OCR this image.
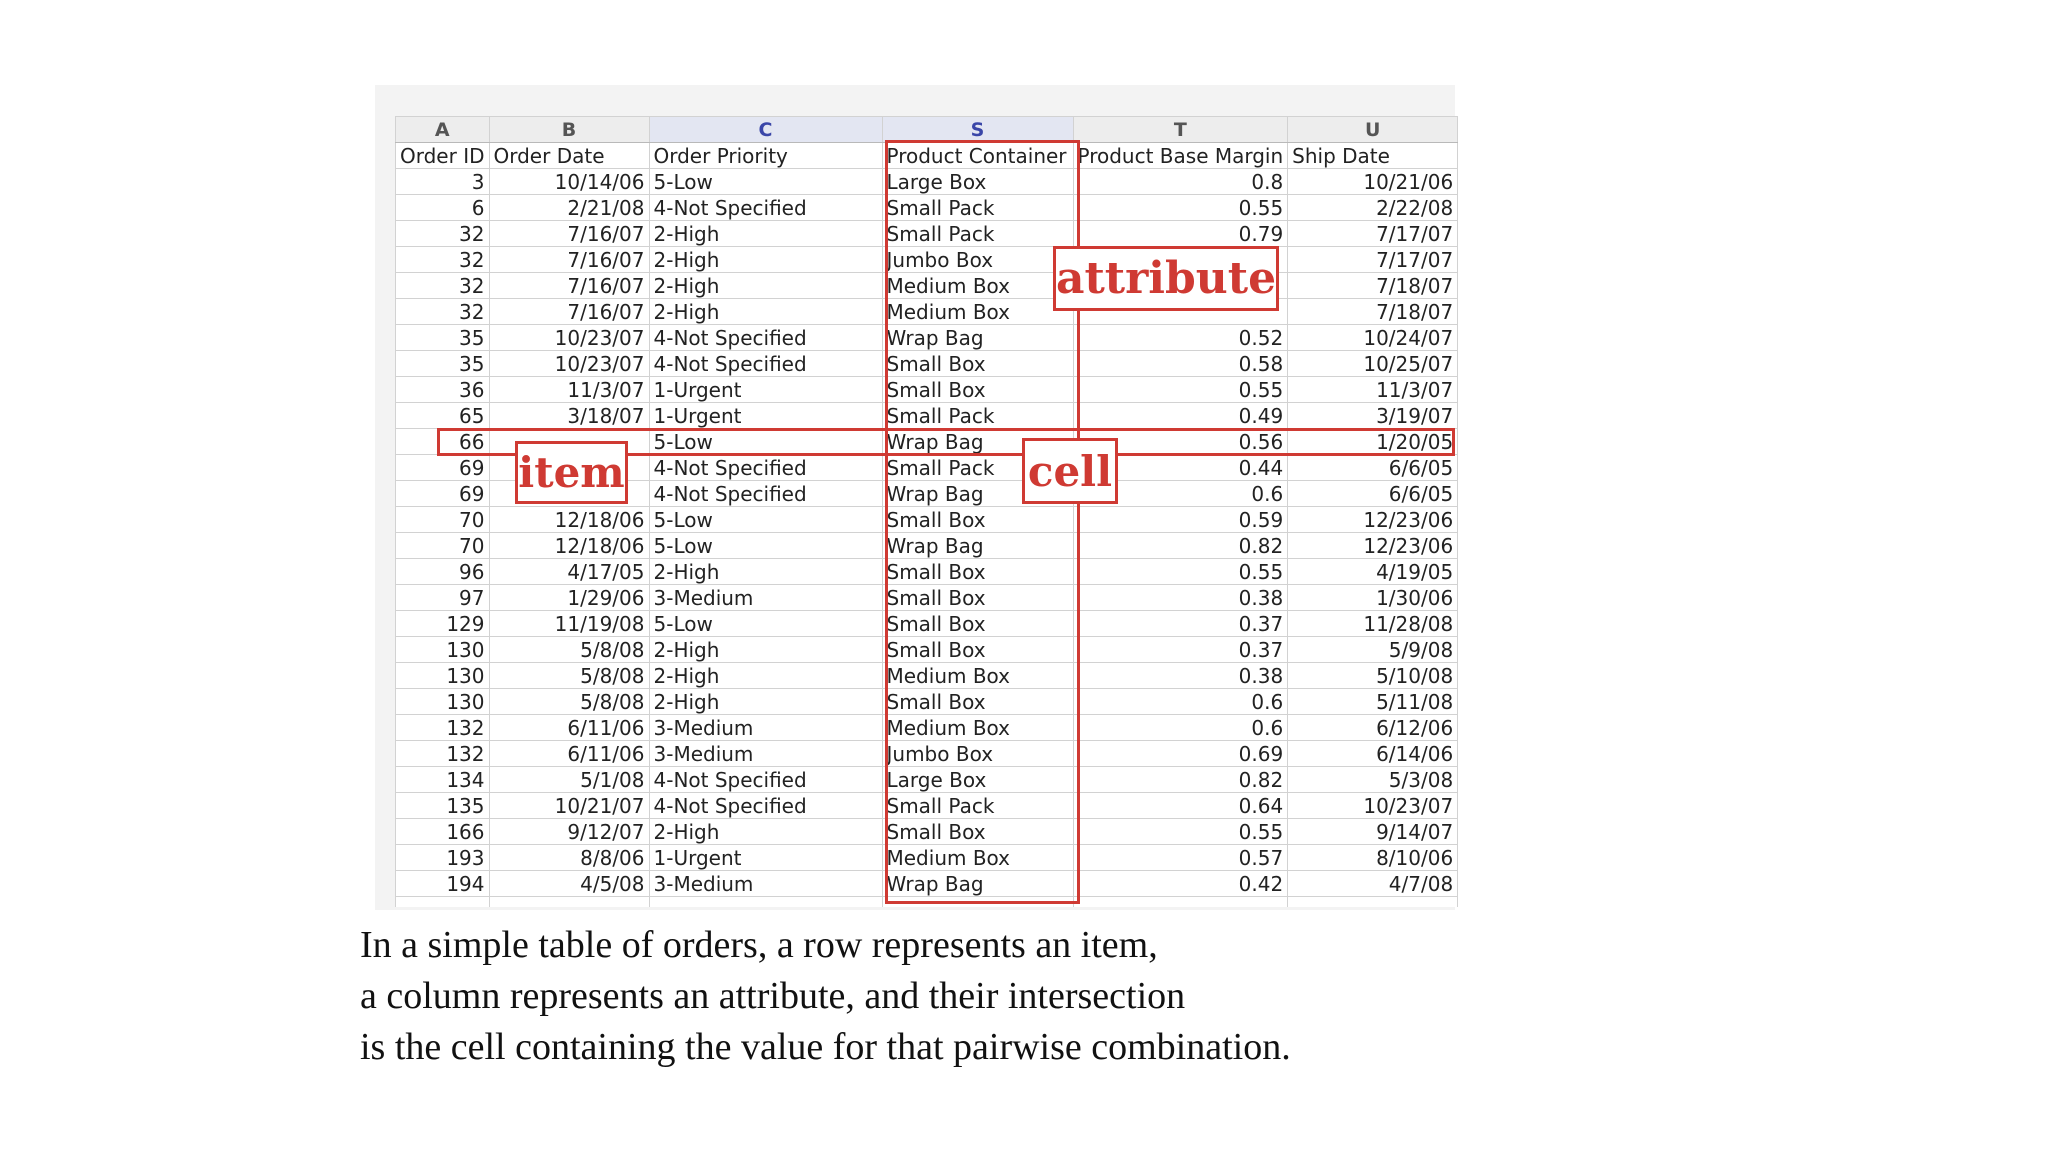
A	B	C	S	T	U
Order ID	Order Date	Order Priority	Product Container	Product Base Margin	Ship Date
3	10/14/06	5-Low	Large Box	0.8	10/21/06
6	2/21/08	4-Not Specified	Small Pack	0.55	2/22/08
32	7/16/07	2-High	Small Pack	0.79	7/17/07
32	7/16/07	2-High	Jumbo Box		7/17/07
32	7/16/07	2-High	Medium Box		7/18/07
32	7/16/07	2-High	Medium Box		7/18/07
35	10/23/07	4-Not Specified	Wrap Bag	0.52	10/24/07
35	10/23/07	4-Not Specified	Small Box	0.58	10/25/07
36	11/3/07	1-Urgent	Small Box	0.55	11/3/07
65	3/18/07	1-Urgent	Small Pack	0.49	3/19/07
66		5-Low	Wrap Bag	0.56	1/20/05
69		4-Not Specified	Small Pack	0.44	6/6/05
69		4-Not Specified	Wrap Bag	0.6	6/6/05
70	12/18/06	5-Low	Small Box	0.59	12/23/06
70	12/18/06	5-Low	Wrap Bag	0.82	12/23/06
96	4/17/05	2-High	Small Box	0.55	4/19/05
97	1/29/06	3-Medium	Small Box	0.38	1/30/06
129	11/19/08	5-Low	Small Box	0.37	11/28/08
130	5/8/08	2-High	Small Box	0.37	5/9/08
130	5/8/08	2-High	Medium Box	0.38	5/10/08
130	5/8/08	2-High	Small Box	0.6	5/11/08
132	6/11/06	3-Medium	Medium Box	0.6	6/12/06
132	6/11/06	3-Medium	Jumbo Box	0.69	6/14/06
134	5/1/08	4-Not Specified	Large Box	0.82	5/3/08
135	10/21/07	4-Not Specified	Small Pack	0.64	10/23/07
166	9/12/07	2-High	Small Box	0.55	9/14/07
193	8/8/06	1-Urgent	Medium Box	0.57	8/10/06
194	4/5/08	3-Medium	Wrap Bag	0.42	4/7/08

attribute
item	cell
In a simple table of orders, a row represents an item,
a column represents an attribute, and their intersection
is the cell containing the value for that pairwise combination.
